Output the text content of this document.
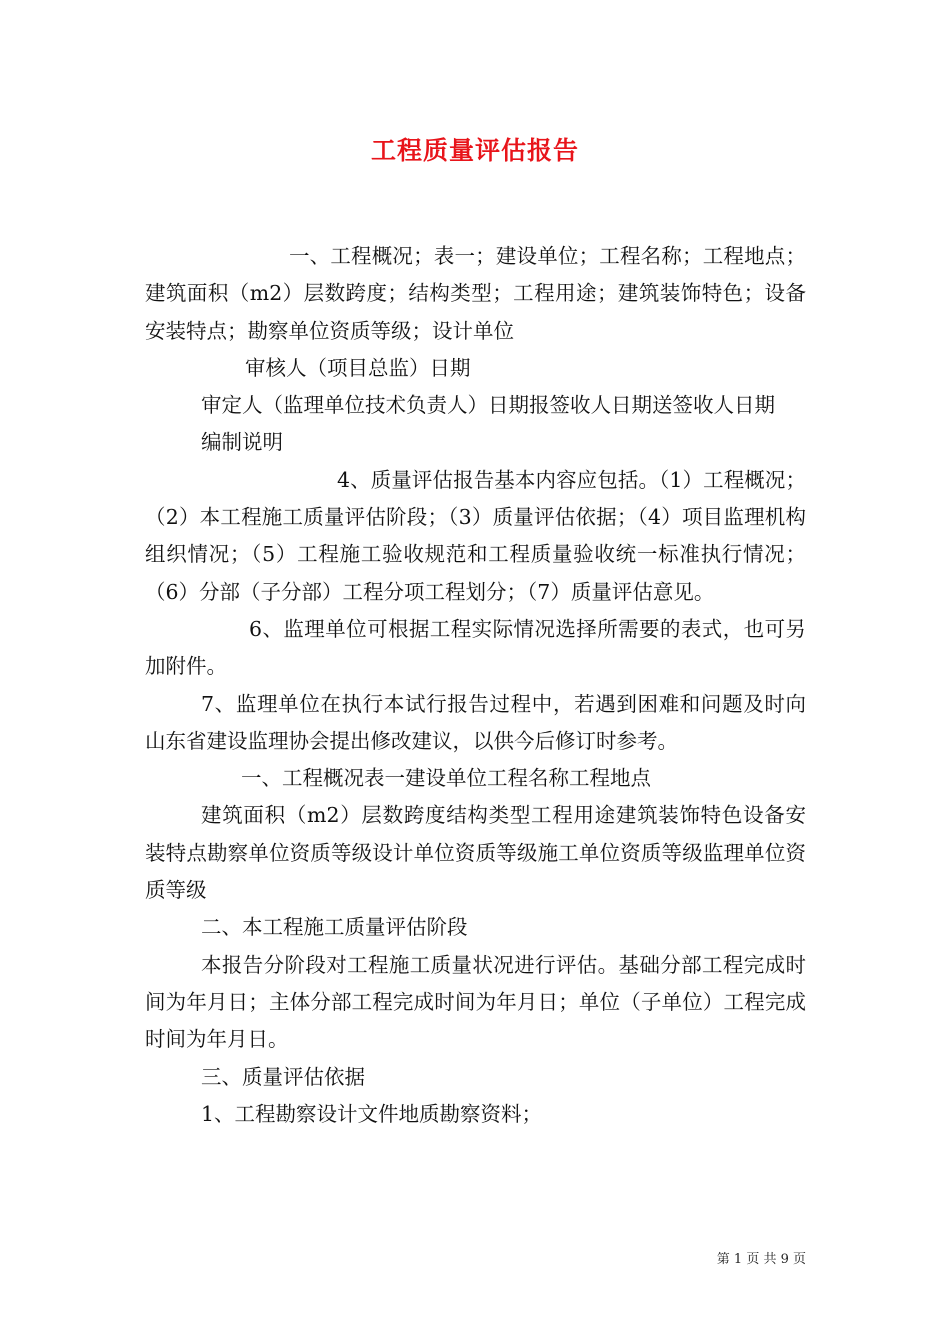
工程质量评估报告

一、工程概况；表一；建设单位；工程名称；工程地点；建筑面积（m2）层数跨度；结构类型；工程用途；建筑装饰特色；设备安装特点；勘察单位资质等级；设计单位

审核人（项目总监）日期

审定人（监理单位技术负责人）日期报签收人日期送签收人日期

编制说明

4、质量评估报告基本内容应包括。（1）工程概况；（2）本工程施工质量评估阶段；（3）质量评估依据；（4）项目监理机构组织情况；（5）工程施工验收规范和工程质量验收统一标准执行情况；（6）分部（子分部）工程分项工程划分；（7）质量评估意见。

6、监理单位可根据工程实际情况选择所需要的表式，也可另加附件。

7、监理单位在执行本试行报告过程中，若遇到困难和问题及时向山东省建设监理协会提出修改建议，以供今后修订时参考。

一、工程概况表一建设单位工程名称工程地点

建筑面积（m2）层数跨度结构类型工程用途建筑装饰特色设备安装特点勘察单位资质等级设计单位资质等级施工单位资质等级监理单位资质等级

二、本工程施工质量评估阶段

本报告分阶段对工程施工质量状况进行评估。基础分部工程完成时间为年月日；主体分部工程完成时间为年月日；单位（子单位）工程完成时间为年月日。

三、质量评估依据

1、工程勘察设计文件地质勘察资料；

第 1 页 共 9 页
